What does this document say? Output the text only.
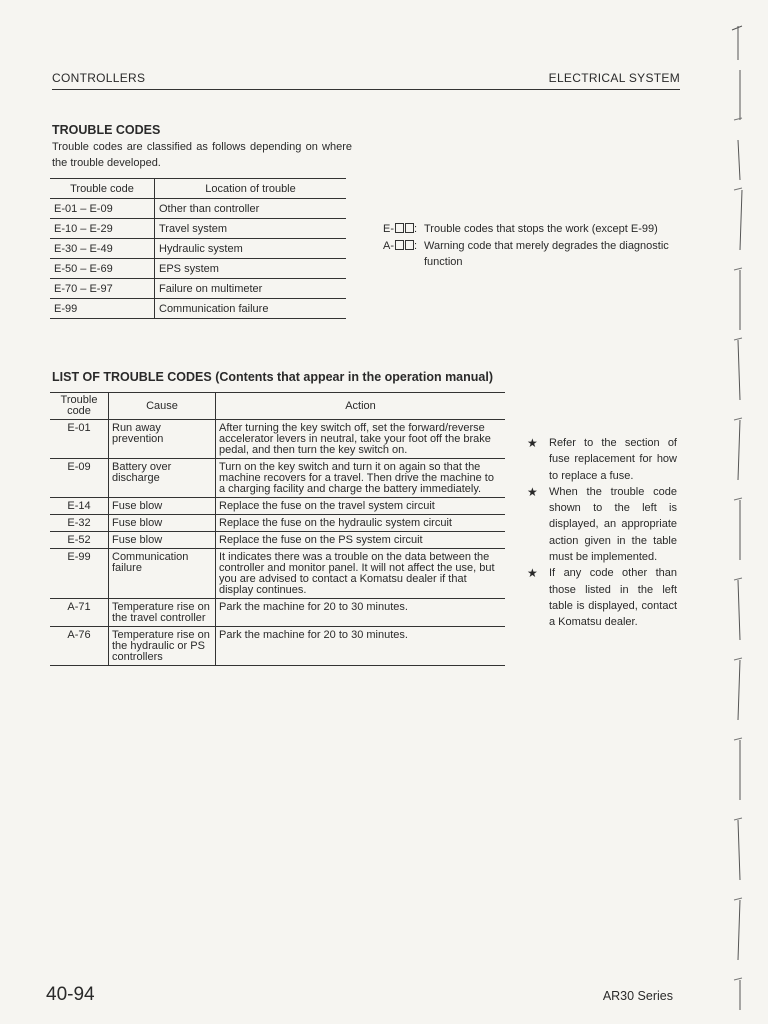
CONTROLLERS	ELECTRICAL SYSTEM
TROUBLE CODES
Trouble codes are classified as follows depending on where the trouble developed.
Trouble code	Location of trouble
E-01 – E-09	Other than controller
E-10 – E-29	Travel system
E-30 – E-49	Hydraulic system
E-50 – E-69	EPS system
E-70 – E-97	Failure on multimeter
E-99	Communication failure
E- : Trouble codes that stops the work (except E-99)
A- : Warning code that merely degrades the diagnostic function
LIST OF TROUBLE CODES (Contents that appear in the operation manual)
Trouble code	Cause	Action
E-01	Run away prevention	After turning the key switch off, set the forward/reverse accelerator levers in neutral, take your foot off the brake pedal, and then turn the key switch on.
E-09	Battery over discharge	Turn on the key switch and turn it on again so that the machine recovers for a travel. Then drive the machine to a charging facility and charge the battery immediately.
E-14	Fuse blow	Replace the fuse on the travel system circuit
E-32	Fuse blow	Replace the fuse on the hydraulic system circuit
E-52	Fuse blow	Replace the fuse on the PS system circuit
E-99	Communication failure	It indicates there was a trouble on the data between the controller and monitor panel. It will not affect the use, but you are advised to contact a Komatsu dealer if that display continues.
A-71	Temperature rise on the travel controller	Park the machine for 20 to 30 minutes.
A-76	Temperature rise on the hydraulic or PS controllers	Park the machine for 20 to 30 minutes.
★	Refer to the section of fuse replacement for how to replace a fuse.
★	When the trouble code shown to the left is displayed, an appropriate action given in the table must be implemented.
★	If any code other than those listed in the left table is displayed, contact a Komatsu dealer.
40-94	AR30 Series
